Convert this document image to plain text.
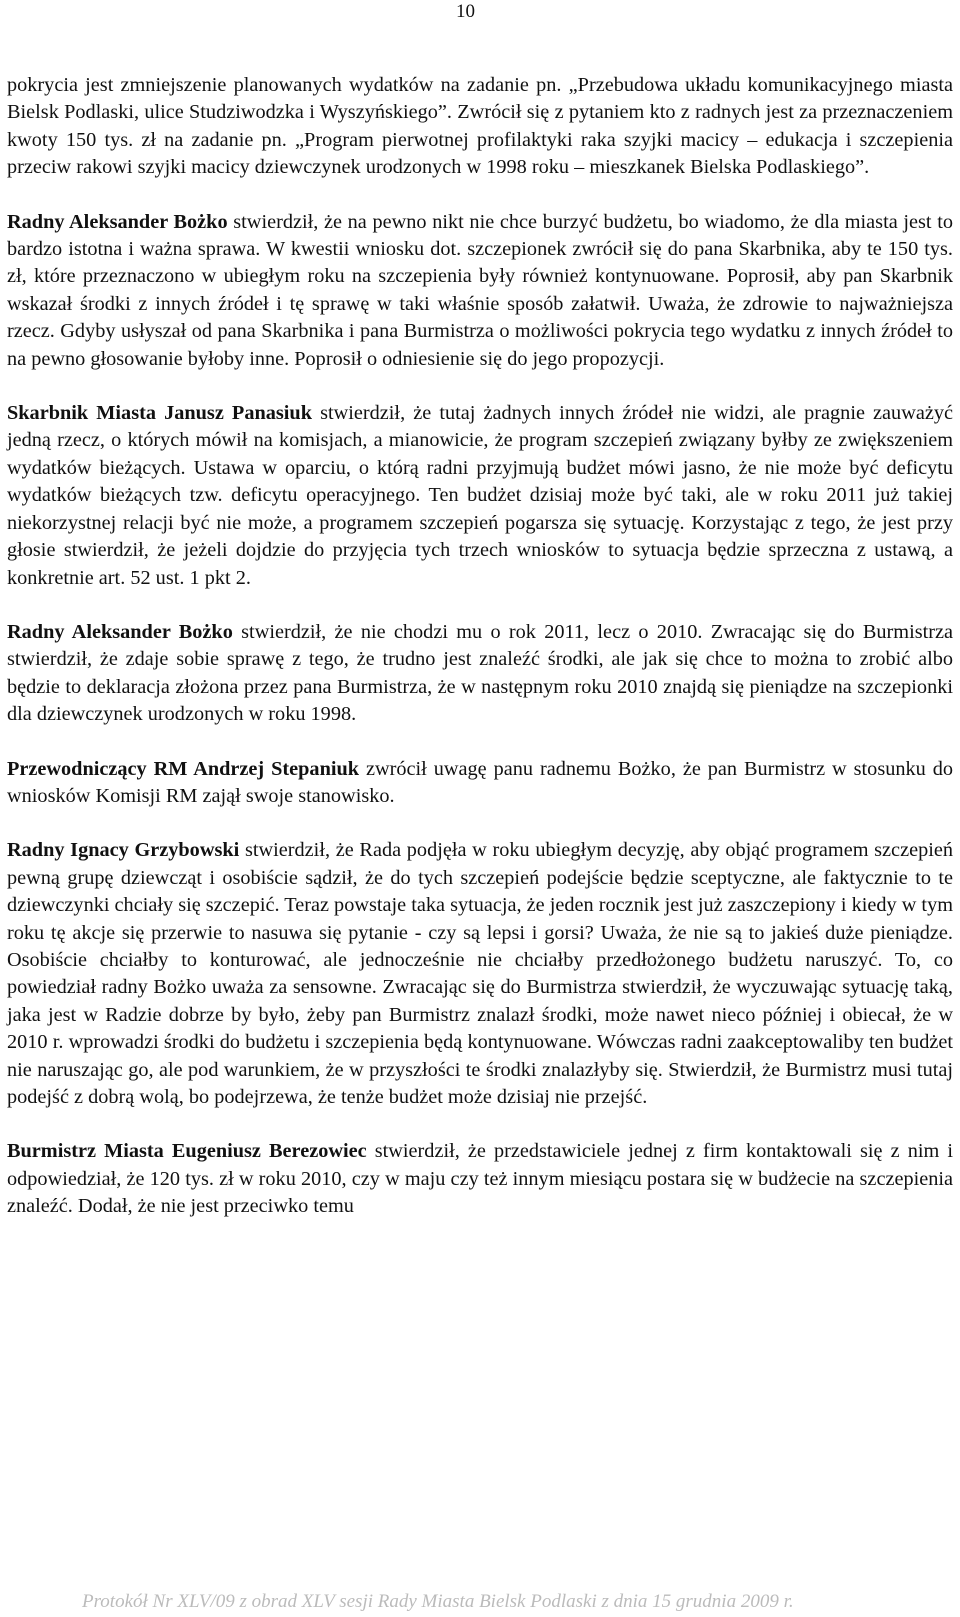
10

pokrycia jest zmniejszenie planowanych wydatków na zadanie pn. „Przebudowa układu komunikacyjnego miasta Bielsk Podlaski, ulice Studziwodzka i Wyszyńskiego”. Zwrócił się z pytaniem kto z radnych jest za przeznaczeniem kwoty 150 tys. zł na zadanie pn. „Program pierwotnej profilaktyki raka szyjki macicy – edukacja i szczepienia przeciw rakowi szyjki macicy dziewczynek urodzonych w 1998 roku – mieszkanek Bielska Podlaskiego”.

Radny Aleksander Bożko stwierdził, że na pewno nikt nie chce burzyć budżetu, bo wiadomo, że dla miasta jest to bardzo istotna i ważna sprawa. W kwestii wniosku dot. szczepionek zwrócił się do pana Skarbnika, aby te 150 tys. zł, które przeznaczono w ubiegłym roku na szczepienia były również kontynuowane. Poprosił, aby pan Skarbnik wskazał środki z innych źródeł i tę sprawę w taki właśnie sposób załatwił. Uważa, że zdrowie to najważniejsza rzecz. Gdyby usłyszał od pana Skarbnika i pana Burmistrza o możliwości pokrycia tego wydatku z innych źródeł to na pewno głosowanie byłoby inne. Poprosił o odniesienie się do jego propozycji.

Skarbnik Miasta Janusz Panasiuk stwierdził, że tutaj żadnych innych źródeł nie widzi, ale pragnie zauważyć jedną rzecz, o których mówił na komisjach, a mianowicie, że program szczepień związany byłby ze zwiększeniem wydatków bieżących. Ustawa w oparciu, o którą radni przyjmują budżet mówi jasno, że nie może być deficytu wydatków bieżących tzw. deficytu operacyjnego. Ten budżet dzisiaj może być taki, ale w roku 2011 już takiej niekorzystnej relacji być nie może, a programem szczepień pogarsza się sytuację. Korzystając z tego, że jest przy głosie stwierdził, że jeżeli dojdzie do przyjęcia tych trzech wniosków to sytuacja będzie sprzeczna z ustawą, a konkretnie art. 52 ust. 1 pkt 2.

Radny Aleksander Bożko stwierdził, że nie chodzi mu o rok 2011, lecz o 2010. Zwracając się do Burmistrza stwierdził, że zdaje sobie sprawę z tego, że trudno jest znaleźć środki, ale jak się chce to można to zrobić albo będzie to deklaracja złożona przez pana Burmistrza, że w następnym roku 2010 znajdą się pieniądze na szczepionki dla dziewczynek urodzonych w roku 1998.

Przewodniczący RM Andrzej Stepaniuk zwrócił uwagę panu radnemu Bożko, że pan Burmistrz w stosunku do wniosków Komisji RM zajął swoje stanowisko.

Radny Ignacy Grzybowski stwierdził, że Rada podjęła w roku ubiegłym decyzję, aby objąć programem szczepień pewną grupę dziewcząt i osobiście sądził, że do tych szczepień podejście będzie sceptyczne, ale faktycznie to te dziewczynki chciały się szczepić. Teraz powstaje taka sytuacja, że jeden rocznik jest już zaszczepiony i kiedy w tym roku tę akcje się przerwie to nasuwa się pytanie - czy są lepsi i gorsi? Uważa, że nie są to jakieś duże pieniądze. Osobiście chciałby to konturować, ale jednocześnie nie chciałby przedłożonego budżetu naruszyć. To, co powiedział radny Bożko uważa za sensowne. Zwracając się do Burmistrza stwierdził, że wyczuwając sytuację taką, jaka jest w Radzie dobrze by było, żeby pan Burmistrz znalazł środki, może nawet nieco później i obiecał, że w 2010 r. wprowadzi środki do budżetu i szczepienia będą kontynuowane. Wówczas radni zaakceptowaliby ten budżet nie naruszając go, ale pod warunkiem, że w przyszłości te środki znalazłyby się. Stwierdził, że Burmistrz musi tutaj podejść z dobrą wolą, bo podejrzewa, że tenże budżet może dzisiaj nie przejść.

Burmistrz Miasta Eugeniusz Berezowiec stwierdził, że przedstawiciele jednej z firm kontaktowali się z nim i odpowiedział, że 120 tys. zł w roku 2010, czy w maju czy też innym miesiącu postara się w budżecie na szczepienia znaleźć. Dodał, że nie jest przeciwko temu

Protokół Nr XLV/09 z obrad XLV sesji Rady Miasta Bielsk Podlaski z dnia 15 grudnia 2009 r.
